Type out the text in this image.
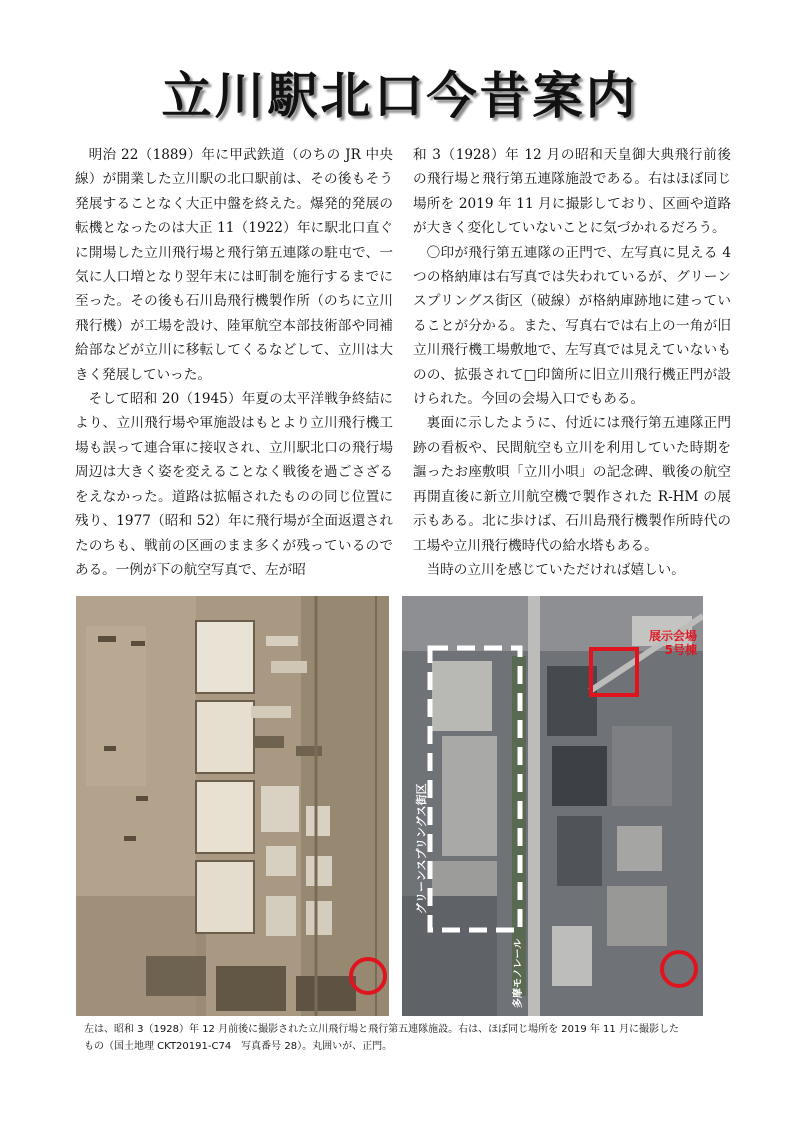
立川駅北口今昔案内

明治 22（1889）年に甲武鉄道（のちの JR 中央線）が開業した立川駅の北口駅前は、その後もそう発展することなく大正中盤を終えた。爆発的発展の転機となったのは大正 11（1922）年に駅北口直ぐに開場した立川飛行場と飛行第五連隊の駐屯で、一気に人口増となり翌年末には町制を施行するまでに至った。その後も石川島飛行機製作所（のちに立川飛行機）が工場を設け、陸軍航空本部技術部や同補給部などが立川に移転してくるなどして、立川は大きく発展していった。

そして昭和 20（1945）年夏の太平洋戦争終結により、立川飛行場や軍施設はもとより立川飛行機工場も誤って連合軍に接収され、立川駅北口の飛行場周辺は大きく姿を変えることなく戦後を過ごさざるをえなかった。道路は拡幅されたものの同じ位置に残り、1977（昭和 52）年に飛行場が全面返還されたのちも、戦前の区画のまま多くが残っているのである。一例が下の航空写真で、左が昭

和 3（1928）年 12 月の昭和天皇御大典飛行前後の飛行場と飛行第五連隊施設である。右はほぼ同じ場所を 2019 年 11 月に撮影しており、区画や道路が大きく変化していないことに気づかれるだろう。

〇印が飛行第五連隊の正門で、左写真に見える 4 つの格納庫は右写真では失われているが、グリーンスプリングス街区（破線）が格納庫跡地に建っていることが分かる。また、写真右では右上の一角が旧立川飛行機工場敷地で、左写真では見えていないものの、拡張されて□印箇所に旧立川飛行機正門が設けられた。今回の会場入口でもある。

裏面に示したように、付近には飛行第五連隊正門跡の看板や、民間航空も立川を利用していた時期を謳ったお座敷唄「立川小唄」の記念碑、戦後の航空再開直後に新立川航空機で製作された R-HM の展示もある。北に歩けば、石川島飛行機製作所時代の工場や立川飛行機時代の給水塔もある。

当時の立川を感じていただければ嬉しい。

展示会場
5号棟
グリーンスプリングス街区
多摩モノレール
左は、昭和 3（1928）年 12 月前後に撮影された立川飛行場と飛行第五連隊施設。右は、ほぼ同じ場所を 2019 年 11 月に撮影した
もの（国土地理 CKT20191-C74　写真番号 28）。丸囲いが、正門。
